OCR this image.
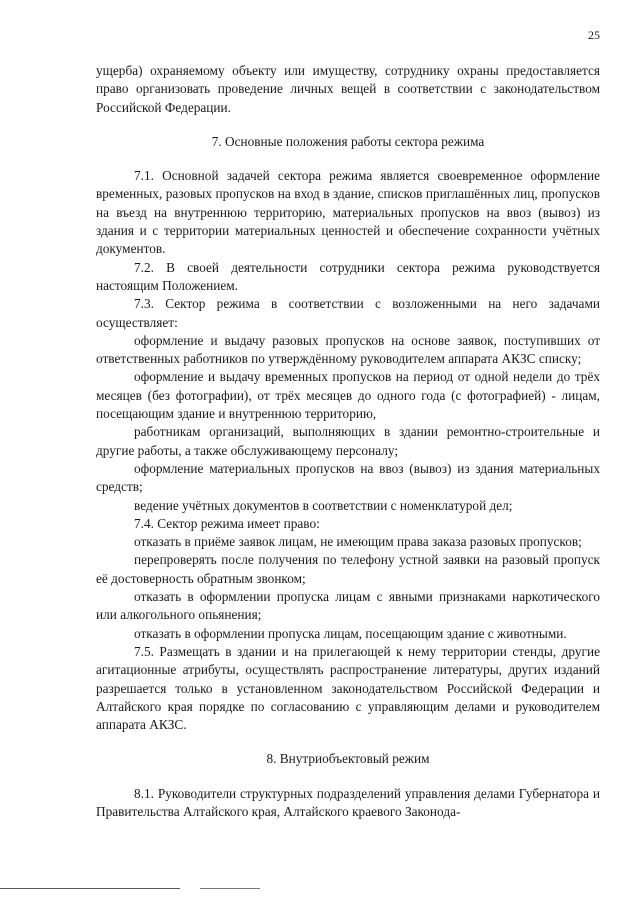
25

ущерба) охраняемому объекту или имуществу, сотруднику охраны предоставляется право организовать проведение личных вещей в соответствии с законодательством Российской Федерации.

7. Основные положения работы сектора режима

7.1. Основной задачей сектора режима является своевременное оформление временных, разовых пропусков на вход в здание, списков приглашённых лиц, пропусков на въезд на внутреннюю территорию, материальных пропусков на ввоз (вывоз) из здания и с территории материальных ценностей и обеспечение сохранности учётных документов.

7.2. В своей деятельности сотрудники сектора режима руководствуется настоящим Положением.

7.3. Сектор режима в соответствии с возложенными на него задачами осуществляет:

оформление и выдачу разовых пропусков на основе заявок, поступивших от ответственных работников по утверждённому руководителем аппарата АКЗС списку;

оформление и выдачу временных пропусков на период от одной недели до трёх месяцев (без фотографии), от трёх месяцев до одного года (с фотографией) - лицам, посещающим здание и внутреннюю территорию,

работникам организаций, выполняющих в здании ремонтно-строительные и другие работы, а также обслуживающему персоналу;

оформление материальных пропусков на ввоз (вывоз) из здания материальных средств;

ведение учётных документов в соответствии с номенклатурой дел;

7.4. Сектор режима имеет право:

отказать в приёме заявок лицам, не имеющим права заказа разовых пропусков;

перепроверять после получения по телефону устной заявки на разовый пропуск её достоверность обратным звонком;

отказать в оформлении пропуска лицам с явными признаками наркотического или алкогольного опьянения;

отказать в оформлении пропуска лицам, посещающим здание с животными.

7.5. Размещать в здании и на прилегающей к нему территории стенды, другие агитационные атрибуты, осуществлять распространение литературы, других изданий разрешается только в установленном законодательством Российской Федерации и Алтайского края порядке по согласованию с управляющим делами и руководителем аппарата АКЗС.

8. Внутриобъектовый режим

8.1. Руководители структурных подразделений управления делами Губернатора и Правительства Алтайского края, Алтайского краевого Законода-
